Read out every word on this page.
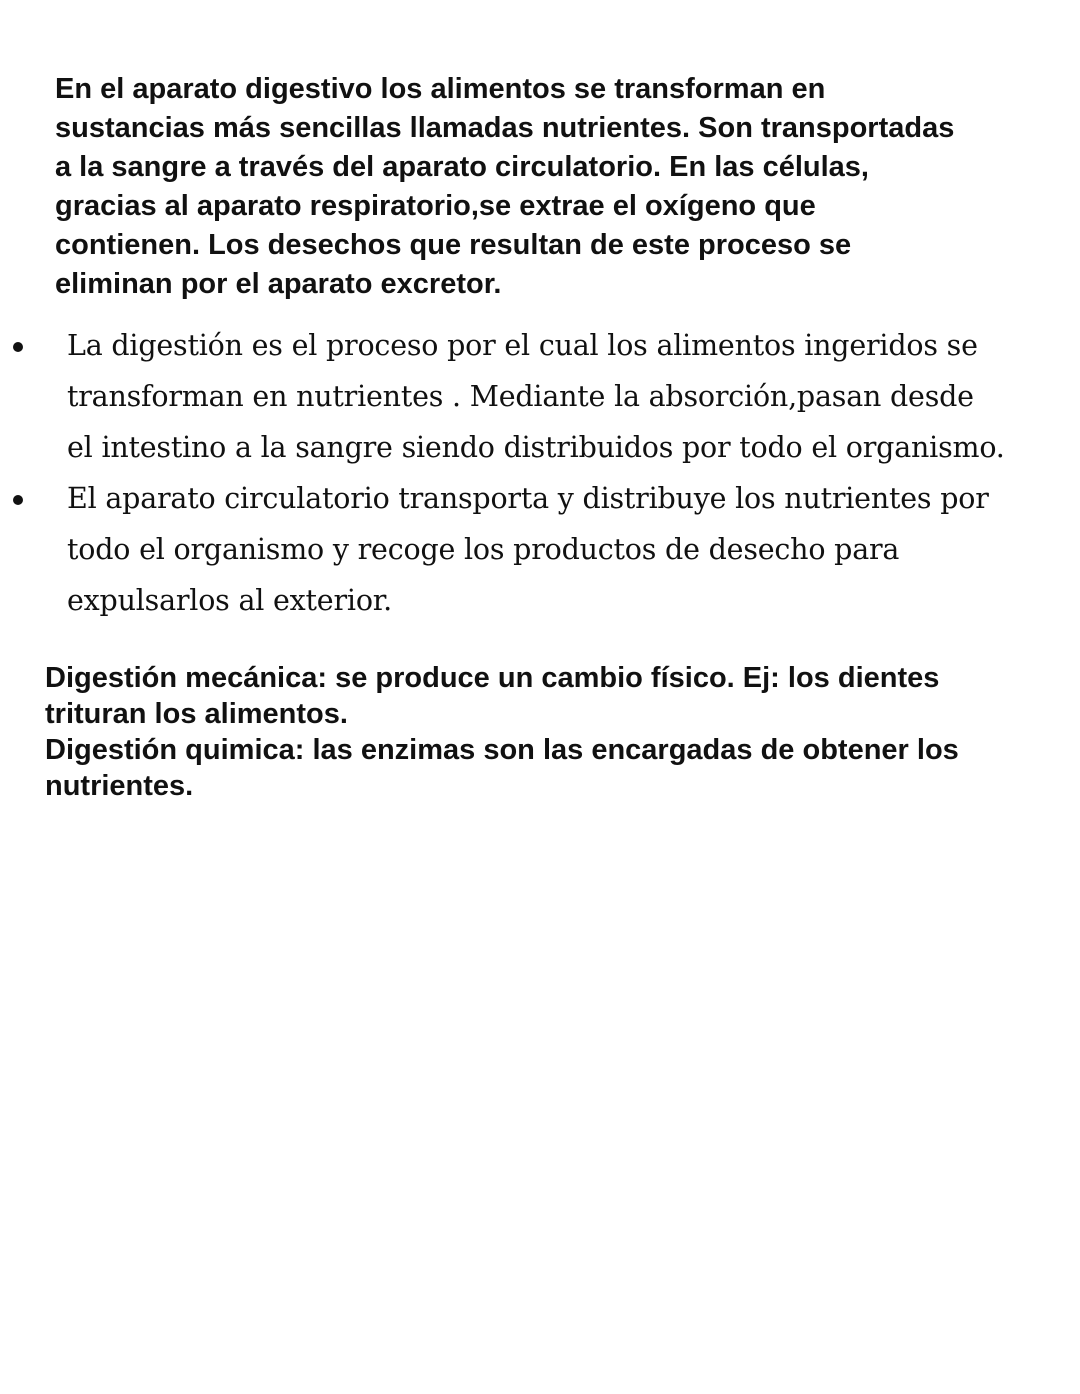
En el aparato digestivo los alimentos se transforman en
sustancias más sencillas llamadas nutrientes. Son transportadas
a la sangre a través del aparato circulatorio. En las células,
gracias al aparato respiratorio,se extrae el oxígeno que
contienen. Los desechos que resultan de este proceso se
eliminan por el aparato excretor.
La digestión es el proceso por el cual los alimentos ingeridos se
transforman en nutrientes . Mediante la absorción,pasan desde
el intestino a la sangre siendo distribuidos por todo el organismo.
El aparato circulatorio transporta y distribuye los nutrientes por
todo el organismo y recoge los productos de desecho para
expulsarlos al exterior.
Digestión mecánica: se produce un cambio físico. Ej: los dientes
trituran los alimentos.
Digestión quimica: las enzimas son las encargadas de obtener los
nutrientes.
